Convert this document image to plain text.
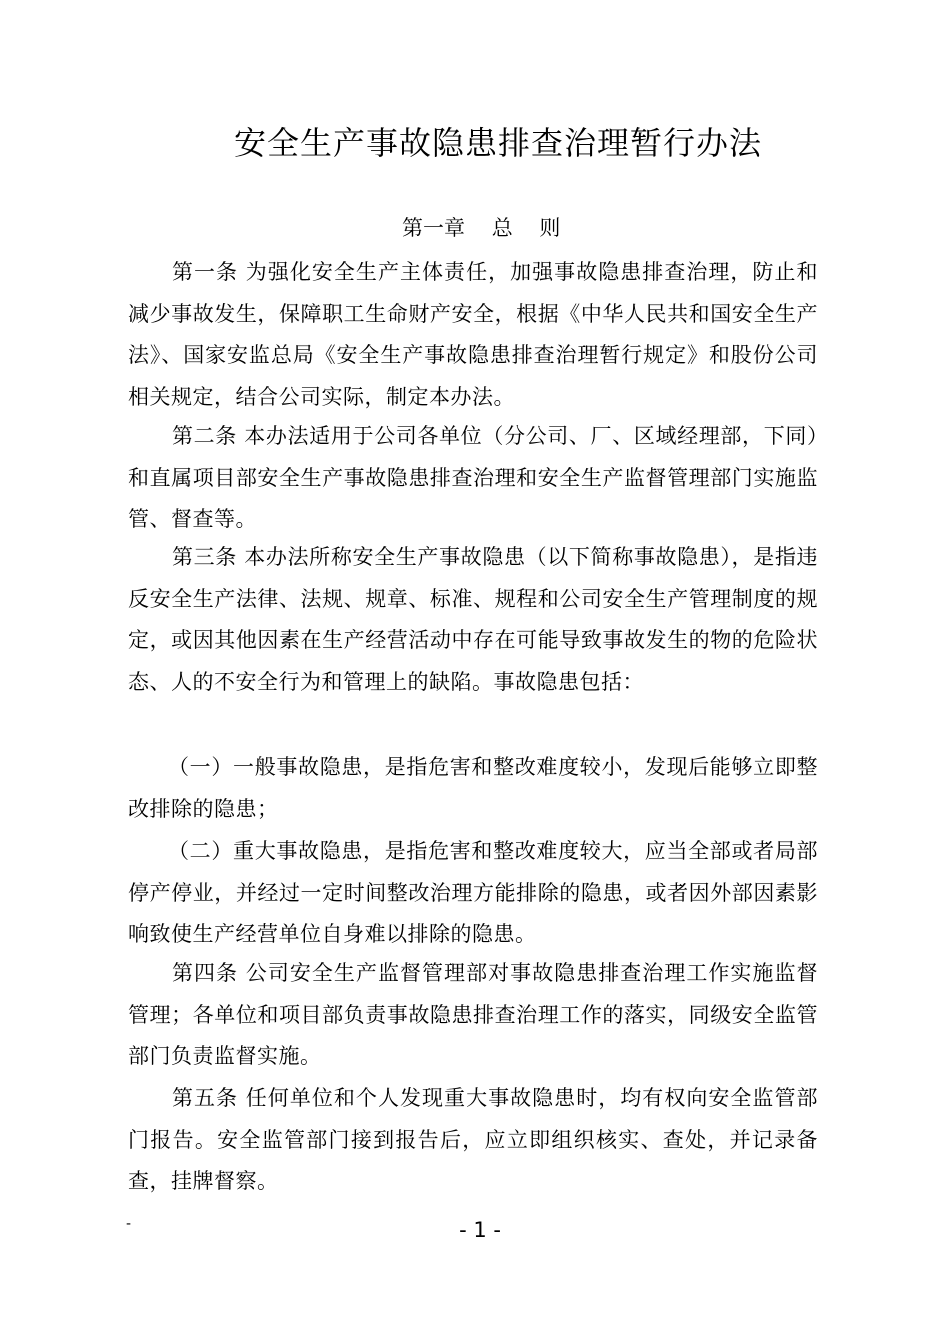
安全生产事故隐患排查治理暂行办法
第一章    总    则

第一条 为强化安全生产主体责任，加强事故隐患排查治理，防止和减少事故发生，保障职工生命财产安全，根据《中华人民共和国安全生产法》、国家安监总局《安全生产事故隐患排查治理暂行规定》和股份公司相关规定，结合公司实际，制定本办法。

第二条 本办法适用于公司各单位（分公司、厂、区域经理部，下同）和直属项目部安全生产事故隐患排查治理和安全生产监督管理部门实施监管、督查等。

第三条 本办法所称安全生产事故隐患（以下简称事故隐患），是指违反安全生产法律、法规、规章、标准、规程和公司安全生产管理制度的规定，或因其他因素在生产经营活动中存在可能导致事故发生的物的危险状态、人的不安全行为和管理上的缺陷。事故隐患包括：

（一）一般事故隐患，是指危害和整改难度较小，发现后能够立即整改排除的隐患；

（二）重大事故隐患，是指危害和整改难度较大，应当全部或者局部停产停业，并经过一定时间整改治理方能排除的隐患，或者因外部因素影响致使生产经营单位自身难以排除的隐患。

第四条 公司安全生产监督管理部对事故隐患排查治理工作实施监督管理；各单位和项目部负责事故隐患排查治理工作的落实，同级安全监管部门负责监督实施。

第五条 任何单位和个人发现重大事故隐患时，均有权向安全监管部门报告。安全监管部门接到报告后，应立即组织核实、查处，并记录备查，挂牌督察。

-	- 1 -
